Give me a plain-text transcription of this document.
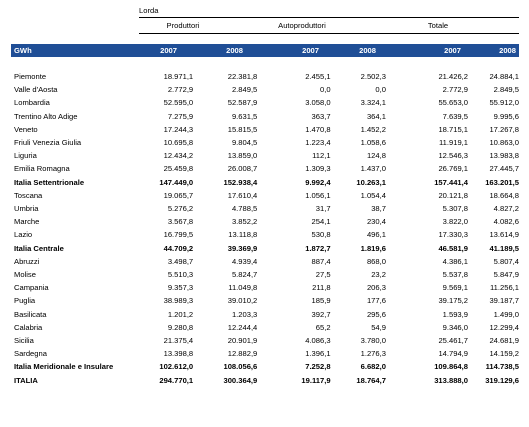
Lorda
Produttori	Autoproduttori	Totale
GWh	2007	2008	2007	2008	2007	2008
Piemonte	18.971,1	22.381,8	2.455,1	2.502,3	21.426,2	24.884,1
Valle d'Aosta	2.772,9	2.849,5	0,0	0,0	2.772,9	2.849,5
Lombardia	52.595,0	52.587,9	3.058,0	3.324,1	55.653,0	55.912,0
Trentino Alto Adige	7.275,9	9.631,5	363,7	364,1	7.639,5	9.995,6
Veneto	17.244,3	15.815,5	1.470,8	1.452,2	18.715,1	17.267,8
Friuli Venezia Giulia	10.695,8	9.804,5	1.223,4	1.058,6	11.919,1	10.863,0
Liguria	12.434,2	13.859,0	112,1	124,8	12.546,3	13.983,8
Emilia Romagna	25.459,8	26.008,7	1.309,3	1.437,0	26.769,1	27.445,7
Italia Settentrionale	147.449,0	152.938,4	9.992,4	10.263,1	157.441,4	163.201,5
Toscana	19.065,7	17.610,4	1.056,1	1.054,4	20.121,8	18.664,8
Umbria	5.276,2	4.788,5	31,7	38,7	5.307,8	4.827,2
Marche	3.567,8	3.852,2	254,1	230,4	3.822,0	4.082,6
Lazio	16.799,5	13.118,8	530,8	496,1	17.330,3	13.614,9
Italia Centrale	44.709,2	39.369,9	1.872,7	1.819,6	46.581,9	41.189,5
Abruzzi	3.498,7	4.939,4	887,4	868,0	4.386,1	5.807,4
Molise	5.510,3	5.824,7	27,5	23,2	5.537,8	5.847,9
Campania	9.357,3	11.049,8	211,8	206,3	9.569,1	11.256,1
Puglia	38.989,3	39.010,2	185,9	177,6	39.175,2	39.187,7
Basilicata	1.201,2	1.203,3	392,7	295,6	1.593,9	1.499,0
Calabria	9.280,8	12.244,4	65,2	54,9	9.346,0	12.299,4
Sicilia	21.375,4	20.901,9	4.086,3	3.780,0	25.461,7	24.681,9
Sardegna	13.398,8	12.882,9	1.396,1	1.276,3	14.794,9	14.159,2
Italia Meridionale e Insulare	102.612,0	108.056,6	7.252,8	6.682,0	109.864,8	114.738,5
ITALIA	294.770,1	300.364,9	19.117,9	18.764,7	313.888,0	319.129,6
